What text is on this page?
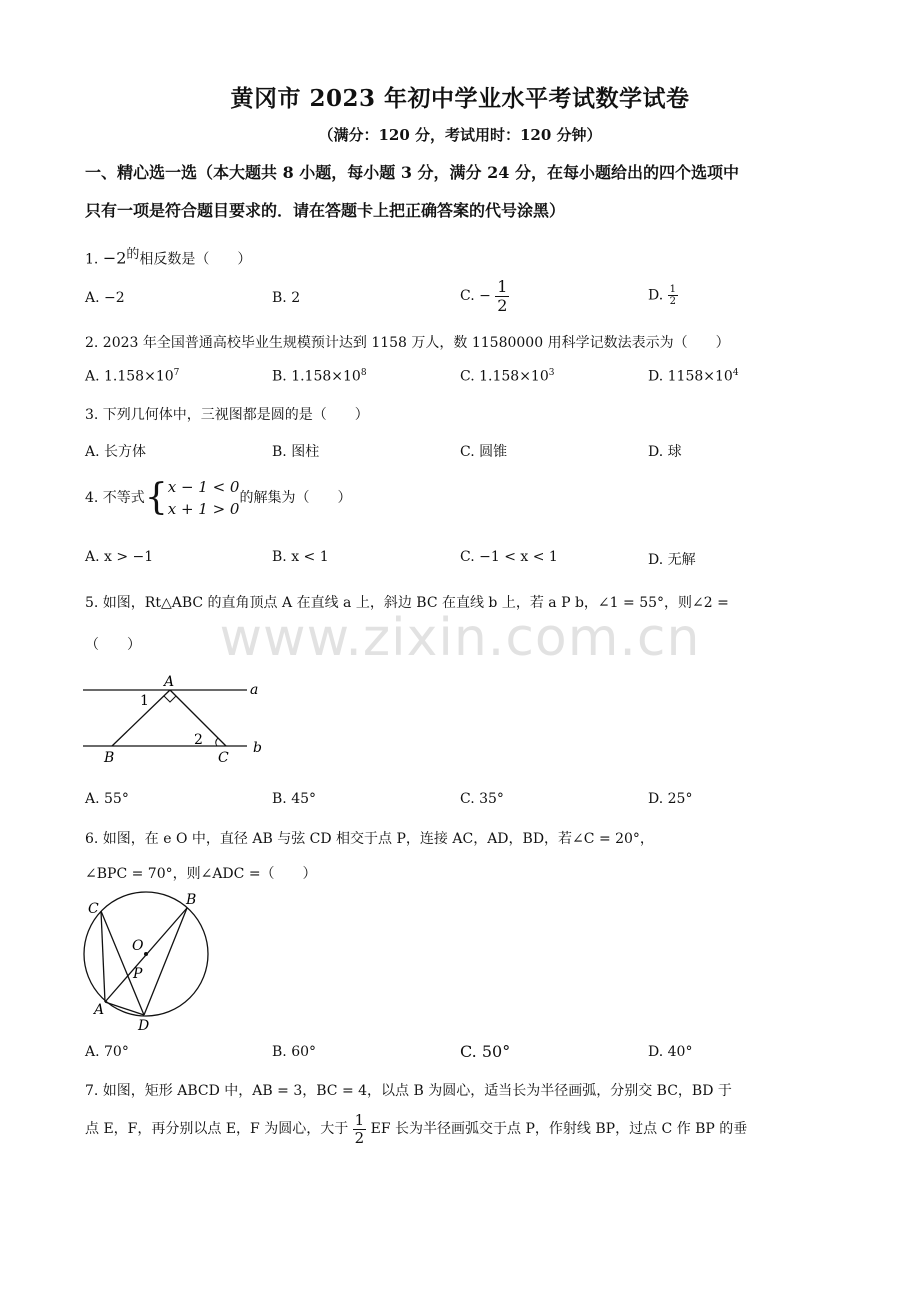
黄冈市 2023 年初中学业水平考试数学试卷
（满分：120 分，考试用时：120 分钟）
一、精心选一选（本大题共 8 小题，每小题 3 分，满分 24 分，在每小题给出的四个选项中
只有一项是符合题目要求的．请在答题卡上把正确答案的代号涂黑）
www.zixin.com.cn
1. $-2^的$相反数是（　　）
A. −2	B. 2	C. − $\frac{1}{2}$	D. $\frac{1}{2}$
2. 2023 年全国普通高校毕业生规模预计达到 1158 万人，数 11580000 用科学记数法表示为（　　）
A. $1.158\times 10^7$	B. $1.158\times 10^8$	C. $1.158\times 10^3$	D. $1158\times 10^4$
3. 下列几何体中，三视图都是圆的是（　　）
A. 长方体	B. 图柱	C. 圆锥	D. 球
4. 不等式{ x − 1 < 0
x + 1 > 0
的解集为（　　）
A. x > −1	B. x < 1	C. −1 < x < 1	D. 无解
5. 如图，Rt△ABC 的直角顶点 A 在直线 a 上，斜边 BC 在直线 b 上，若 a P b，∠1 = 55°，则∠2 =
（　　）
A
B	C
a
b
1
2
A. 55°	B. 45°	C. 35°	D. 25°
6. 如图，在 e O 中，直径 AB 与弦 CD 相交于点 P，连接 AC，AD，BD，若∠C = 20°，
∠BPC = 70°，则∠ADC =（　　）
C
B
O
P
A
D
A. 70°	B. 60°	C. 50°	D. 40°
7. 如图，矩形 ABCD 中，AB = 3，BC = 4，以点 B 为圆心，适当长为半径画弧，分别交 BC，BD 于
点 E，F，再分别以点 E，F 为圆心，大于 $\frac{1}{2}$ EF 长为半径画弧交于点 P，作射线 BP，过点 C 作 BP 的垂
